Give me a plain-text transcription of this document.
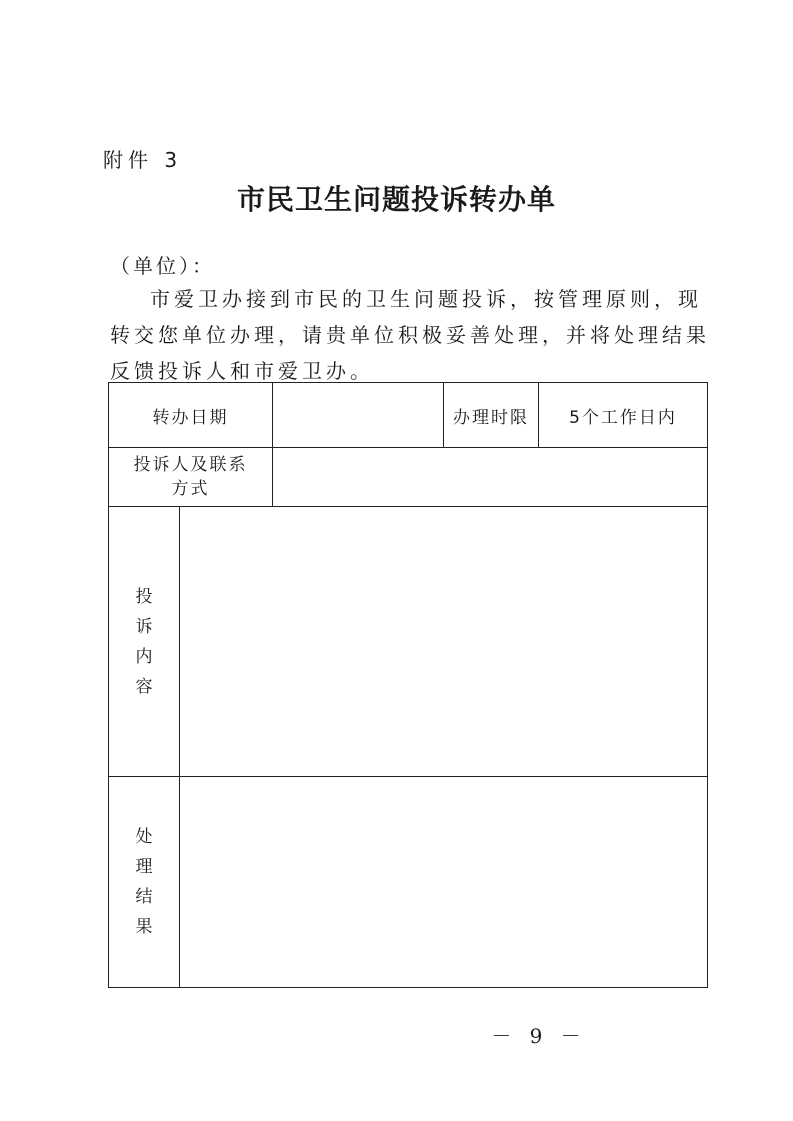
附件 3
市民卫生问题投诉转办单
（单位）：
市爱卫办接到市民的卫生问题投诉，按管理原则，现转交您单位办理，请贵单位积极妥善处理，并将处理结果反馈投诉人和市爱卫办。
转办日期			办理时限	5个工作日内
投诉人及联系方式				
投诉内容				
处理结果				
－ 9 －
